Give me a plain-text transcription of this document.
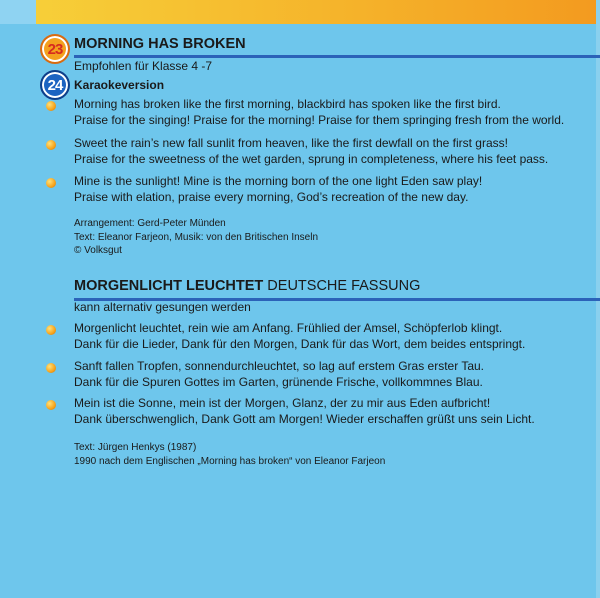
23 MORNING HAS BROKEN
Empfohlen für Klasse 4 -7
24 Karaokeversion
Morning has broken like the first morning, blackbird has spoken like the first bird.
Praise for the singing! Praise for the morning! Praise for them springing fresh from the world.
Sweet the rain’s new fall sunlit from heaven, like the first dewfall on the first grass!
Praise for the sweetness of the wet garden, sprung in completeness, where his feet pass.
Mine is the sunlight! Mine is the morning born of the one light Eden saw play!
Praise with elation, praise every morning, God’s recreation of the new day.
Arrangement: Gerd-Peter Münden
Text: Eleanor Farjeon, Musik: von den Britischen Inseln
© Volksgut
MORGENLICHT LEUCHTET DEUTSCHE FASSUNG
kann alternativ gesungen werden
Morgenlicht leuchtet, rein wie am Anfang. Frühlied der Amsel, Schöpferlob klingt.
Dank für die Lieder, Dank für den Morgen, Dank für das Wort, dem beides entspringt.
Sanft fallen Tropfen, sonnendurchleuchtet, so lag auf erstem Gras erster Tau.
Dank für die Spuren Gottes im Garten, grünende Frische, vollkommnes Blau.
Mein ist die Sonne, mein ist der Morgen, Glanz, der zu mir aus Eden aufbricht!
Dank überschwenglich, Dank Gott am Morgen! Wieder erschaffen grüßt uns sein Licht.
Text: Jürgen Henkys (1987)
1990 nach dem Englischen „Morning has broken“ von Eleanor Farjeon
